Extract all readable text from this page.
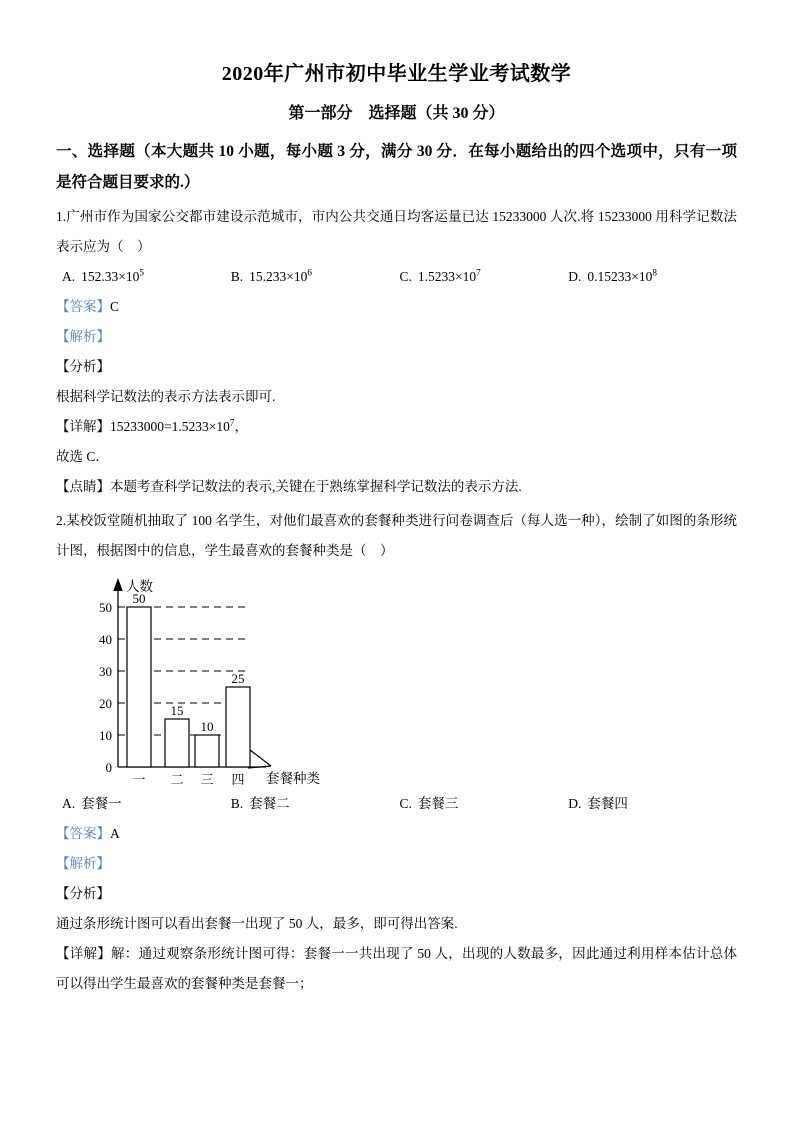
2020年广州市初中毕业生学业考试数学
第一部分　选择题（共 30 分）

一、选择题（本大题共 10 小题，每小题 3 分，满分 30 分．在每小题给出的四个选项中，只有一项是符合题目要求的.）

1.广州市作为国家公交都市建设示范城市，市内公共交通日均客运量已达 15233000 人次.将 15233000 用科学记数法表示应为（　）

A. $152.33\times 10^5$	B. $15.233\times 10^6$	C. $1.5233\times 10^7$	D. $0.15233\times 10^8$

【答案】C

【解析】

【分析】

根据科学记数法的表示方法表示即可.

【详解】$15233000=1.5233\times 10^7$，

故选 C．

【点睛】本题考查科学记数法的表示,关键在于熟练掌握科学记数法的表示方法.

2.某校饭堂随机抽取了 100 名学生，对他们最喜欢的套餐种类进行问卷调查后（每人选一种），绘制了如图的条形统计图，根据图中的信息，学生最喜欢的套餐种类是（　）

0
10
20
30
40
50
50
15
10
25
一 二 三 四
人数
套餐种类
A. 套餐一	B. 套餐二	C. 套餐三	D. 套餐四

【答案】A

【解析】

【分析】

通过条形统计图可以看出套餐一出现了 50 人，最多，即可得出答案.

【详解】解：通过观察条形统计图可得：套餐一一共出现了 50 人，出现的人数最多，因此通过利用样本估计总体可以得出学生最喜欢的套餐种类是套餐一；
